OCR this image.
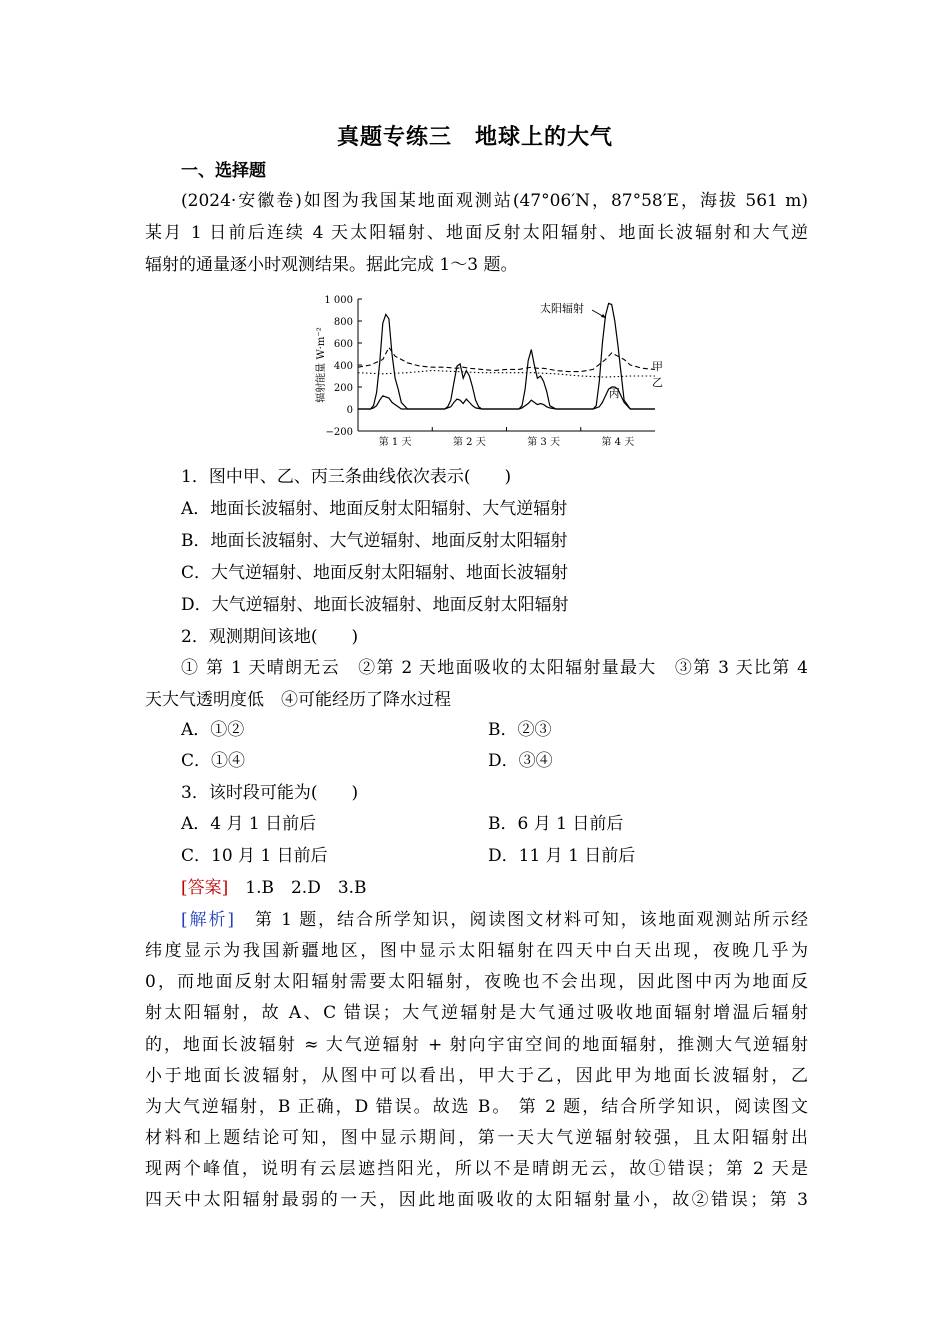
真题专练三　地球上的大气
一、选择题
(2024·安徽卷)如图为我国某地面观测站(47°06′N，87°58′E，海拔 561 m)
某月 1 日前后连续 4 天太阳辐射、地面反射太阳辐射、地面长波辐射和大气逆
辐射的通量逐小时观测结果。据此完成 1～3 题。
1 000
800
600
400
200
0
−200
第 1 天	第 2 天	第 3 天	第 4 天
辐射能量 W·m⁻²
太阳辐射
甲
乙
丙
1．图中甲、乙、丙三条曲线依次表示(　　)
A．地面长波辐射、地面反射太阳辐射、大气逆辐射
B．地面长波辐射、大气逆辐射、地面反射太阳辐射
C．大气逆辐射、地面反射太阳辐射、地面长波辐射
D．大气逆辐射、地面长波辐射、地面反射太阳辐射
2．观测期间该地(　　)
① 第 1 天晴朗无云　②第 2 天地面吸收的太阳辐射量最大　③第 3 天比第 4
天大气透明度低　④可能经历了降水过程
A．①②	B．②③
C．①④	D．③④
3．该时段可能为(　　)
A．4 月 1 日前后	B．6 月 1 日前后
C．10 月 1 日前后	D．11 月 1 日前后
[答案]　1.B　2.D　3.B
[解析]　第 1 题，结合所学知识，阅读图文材料可知，该地面观测站所示经
纬度显示为我国新疆地区，图中显示太阳辐射在四天中白天出现，夜晚几乎为
0，而地面反射太阳辐射需要太阳辐射，夜晚也不会出现，因此图中丙为地面反
射太阳辐射，故 A、C 错误；大气逆辐射是大气通过吸收地面辐射增温后辐射
的，地面长波辐射 ≈ 大气逆辐射 + 射向宇宙空间的地面辐射，推测大气逆辐射
小于地面长波辐射，从图中可以看出，甲大于乙，因此甲为地面长波辐射，乙
为大气逆辐射，B 正确，D 错误。故选 B。 第 2 题，结合所学知识，阅读图文
材料和上题结论可知，图中显示期间，第一天大气逆辐射较强，且太阳辐射出
现两个峰值，说明有云层遮挡阳光，所以不是晴朗无云，故①错误；第 2 天是
四天中太阳辐射最弱的一天，因此地面吸收的太阳辐射量小，故②错误；第 3
